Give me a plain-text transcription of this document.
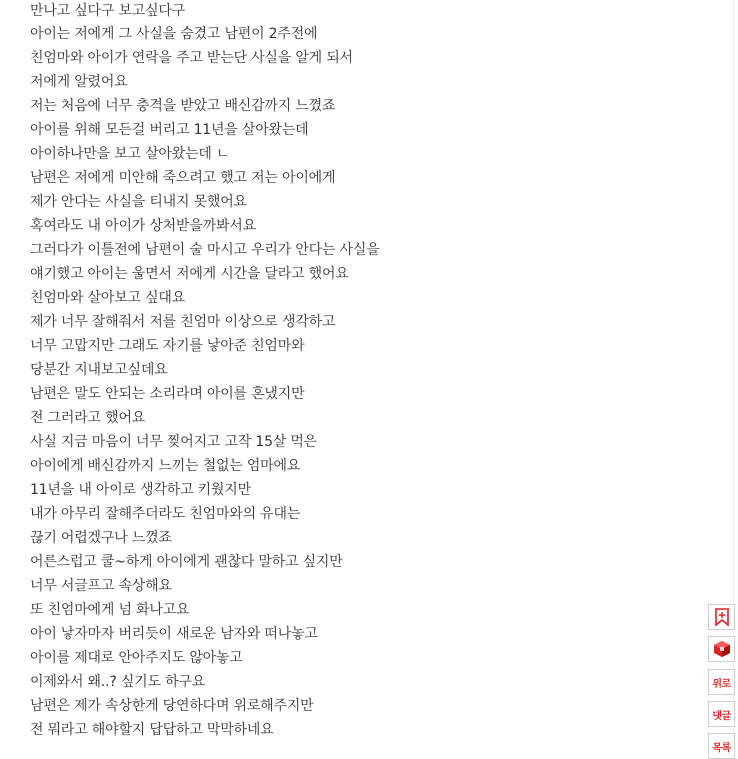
만나고 싶다구 보고싶다구
아이는 저에게 그 사실을 숨겼고 남편이 2주전에
친엄마와 아이가 연락을 주고 받는단 사실을 알게 되서
저에게 알렸어요
저는 처음에 너무 충격을 받았고 배신감까지 느꼈죠
아이를 위해 모든걸 버리고 11년을 살아왔는데
아이하나만을 보고 살아왔는데 ㄴ
남편은 저에게 미안해 죽으려고 했고 저는 아이에게
제가 안다는 사실을 티내지 못했어요
혹여라도 내 아이가 상처받을까봐서요
그러다가 이틀전에 남편이 술 마시고 우리가 안다는 사실을
얘기했고 아이는 울면서 저에게 시간을 달라고 했어요
친엄마와 살아보고 싶대요
제가 너무 잘해줘서 저를 친엄마 이상으로 생각하고
너무 고맙지만 그래도 자기를 낳아준 친엄마와
당분간 지내보고싶데요
남편은 말도 안되는 소리라며 아이를 혼냈지만
전 그러라고 했어요
사실 지금 마음이 너무 찢어지고 고작 15살 먹은
아이에게 배신감까지 느끼는 철없는 엄마에요
11년을 내 아이로 생각하고 키웠지만
내가 아무리 잘해주더라도 친엄마와의 유대는
끊기 어렵겠구나 느꼈죠
어른스럽고 쿨~하게 아이에게 괜찮다 말하고 싶지만
너무 서글프고 속상해요
또 친엄마에게 넘 화나고요
아이 낳자마자 버리듯이 새로운 남자와 떠나놓고
아이를 제대로 안아주지도 않아놓고
이제와서 왜..? 싶기도 하구요
남편은 제가 속상한게 당연하다며 위로해주지만
전 뭐라고 해야할지 답답하고 막막하네요
위로
댓글
목록
